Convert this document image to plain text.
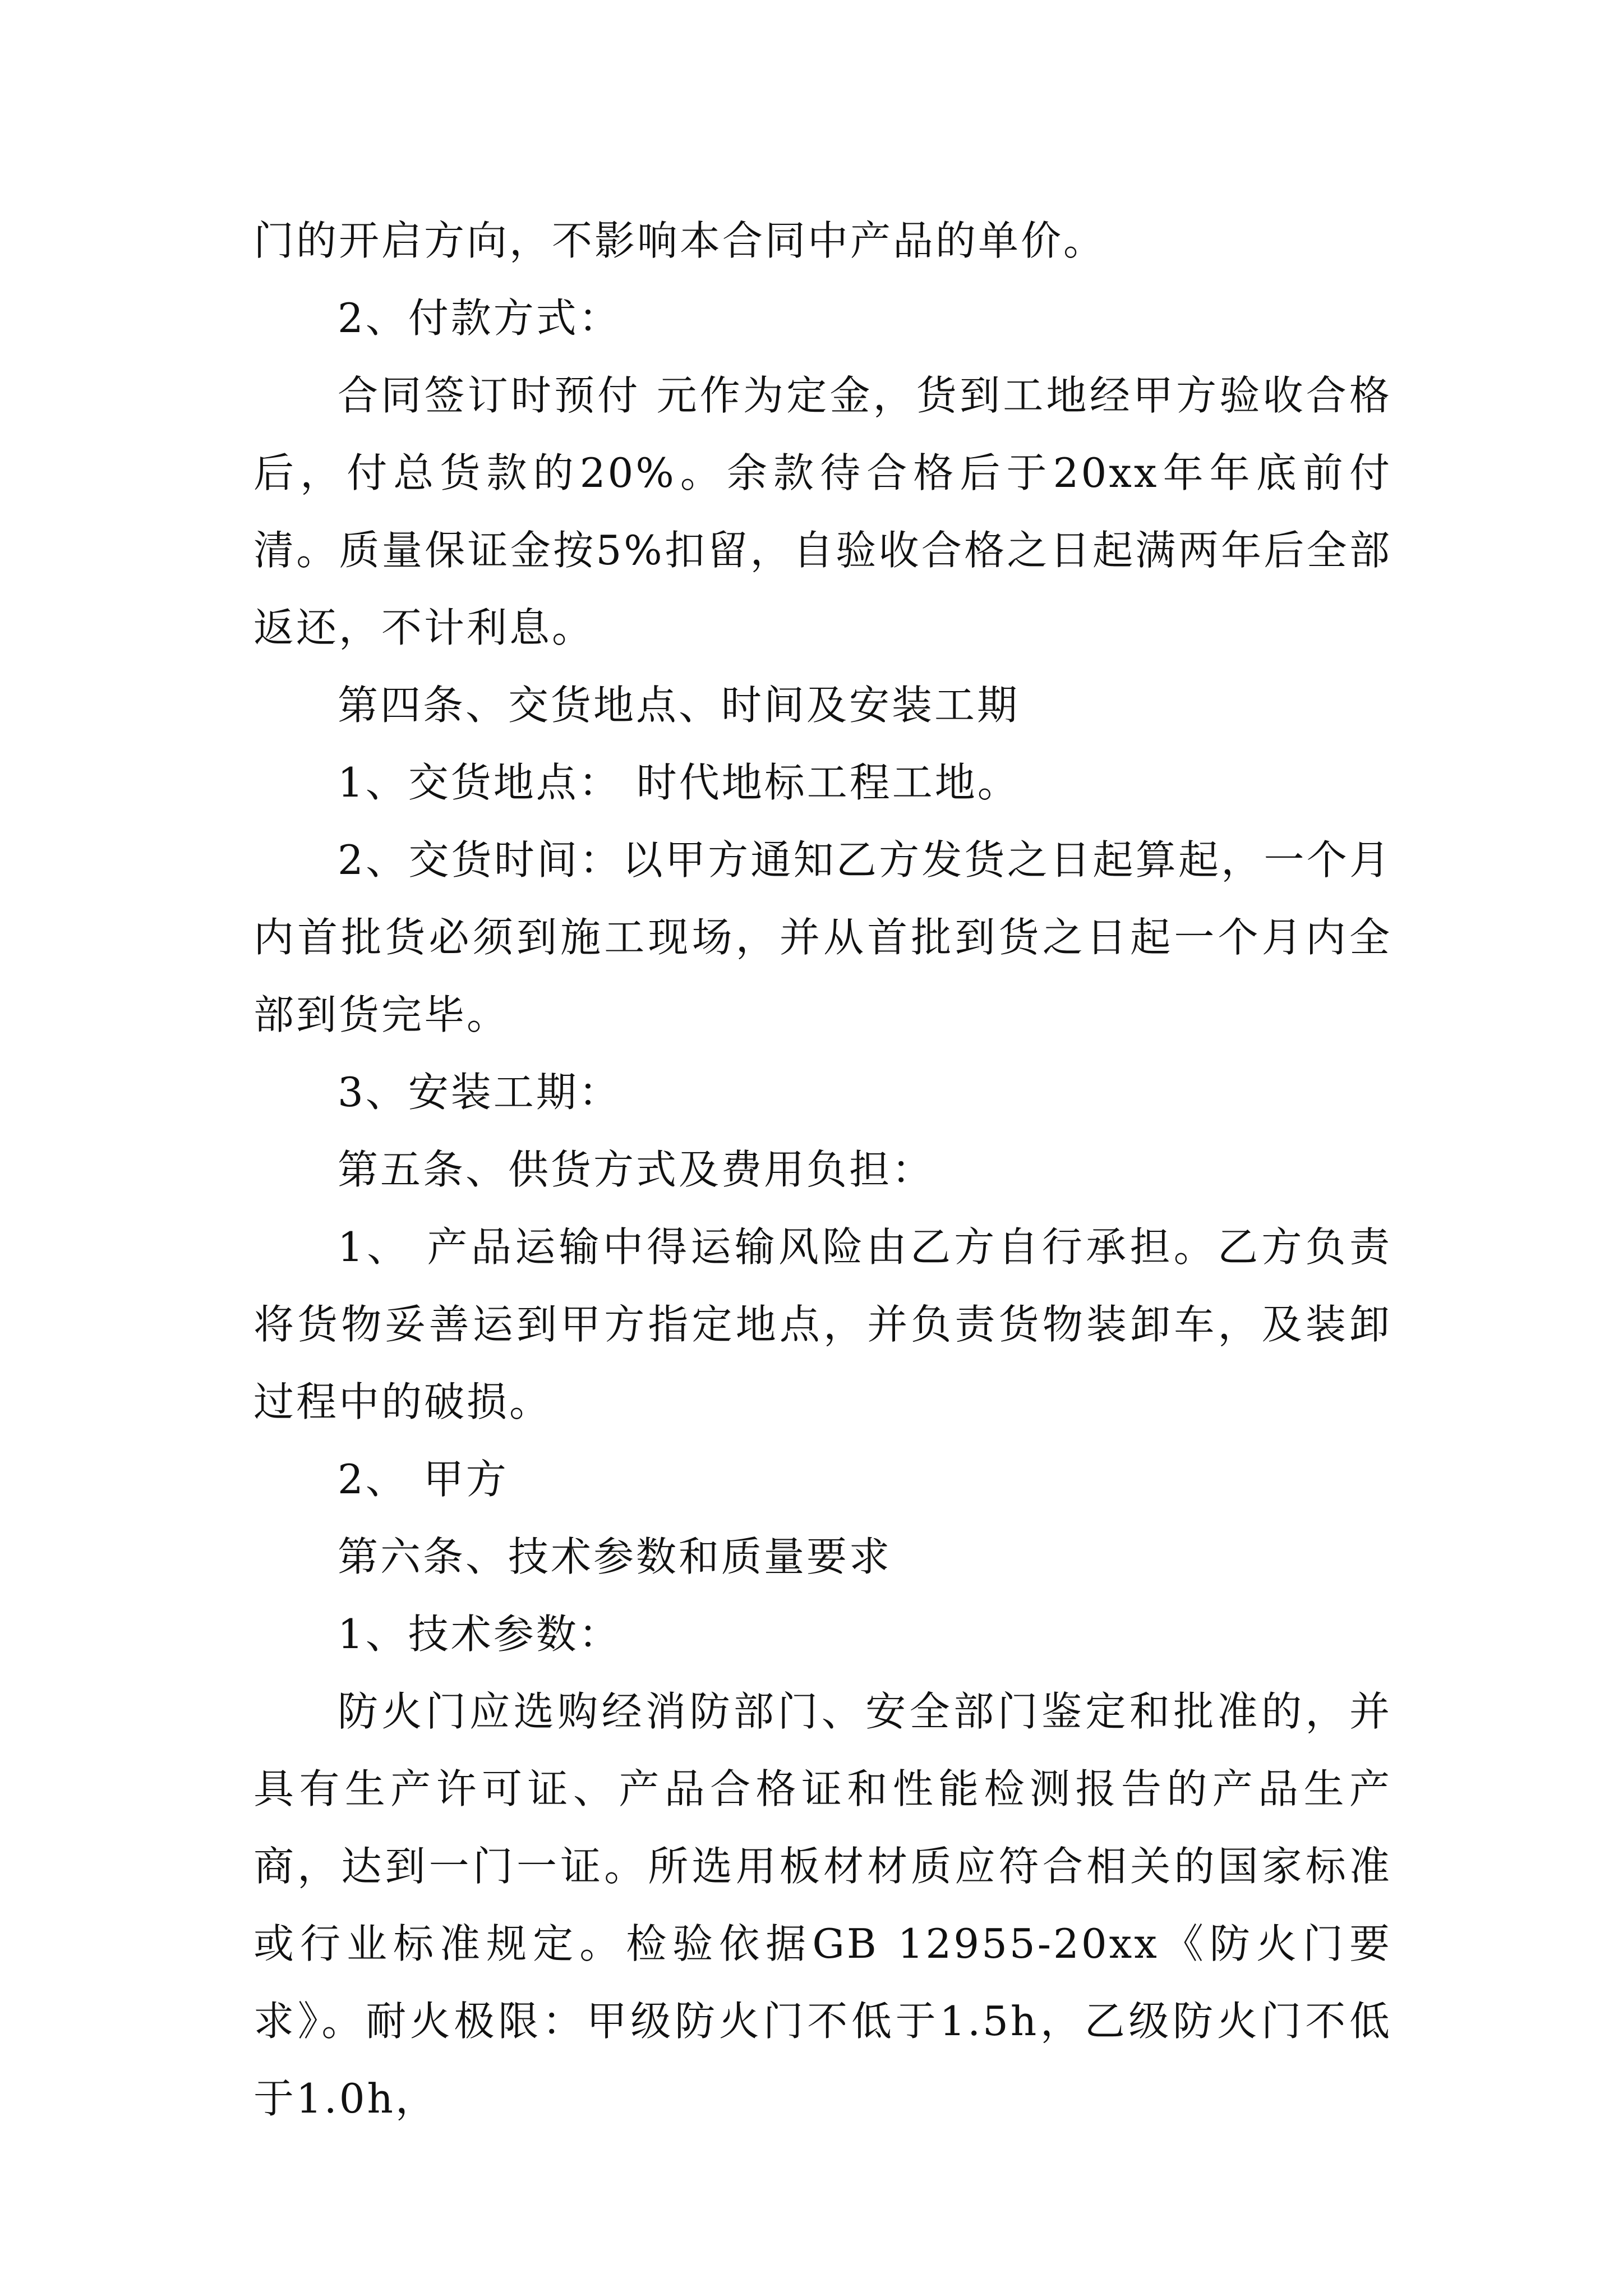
门的开启方向，不影响本合同中产品的单价。

2、付款方式：

合同签订时预付 元作为定金，货到工地经甲方验收合格后，付总货款的20%。余款待合格后于20xx年年底前付清。质量保证金按5%扣留，自验收合格之日起满两年后全部返还，不计利息。

第四条、交货地点、时间及安装工期

1、交货地点： 时代地标工程工地。

2、交货时间：以甲方通知乙方发货之日起算起，一个月内首批货必须到施工现场，并从首批到货之日起一个月内全部到货完毕。

3、安装工期：

第五条、供货方式及费用负担：

1、 产品运输中得运输风险由乙方自行承担。乙方负责将货物妥善运到甲方指定地点，并负责货物装卸车，及装卸过程中的破损。

2、 甲方

第六条、技术参数和质量要求

1、技术参数：

防火门应选购经消防部门、安全部门鉴定和批准的，并具有生产许可证、产品合格证和性能检测报告的产品生产商，达到一门一证。所选用板材材质应符合相关的国家标准或行业标准规定。检验依据GB 12955-20xx《防火门要求》。耐火极限：甲级防火门不低于1.5h，乙级防火门不低于1.0h，
